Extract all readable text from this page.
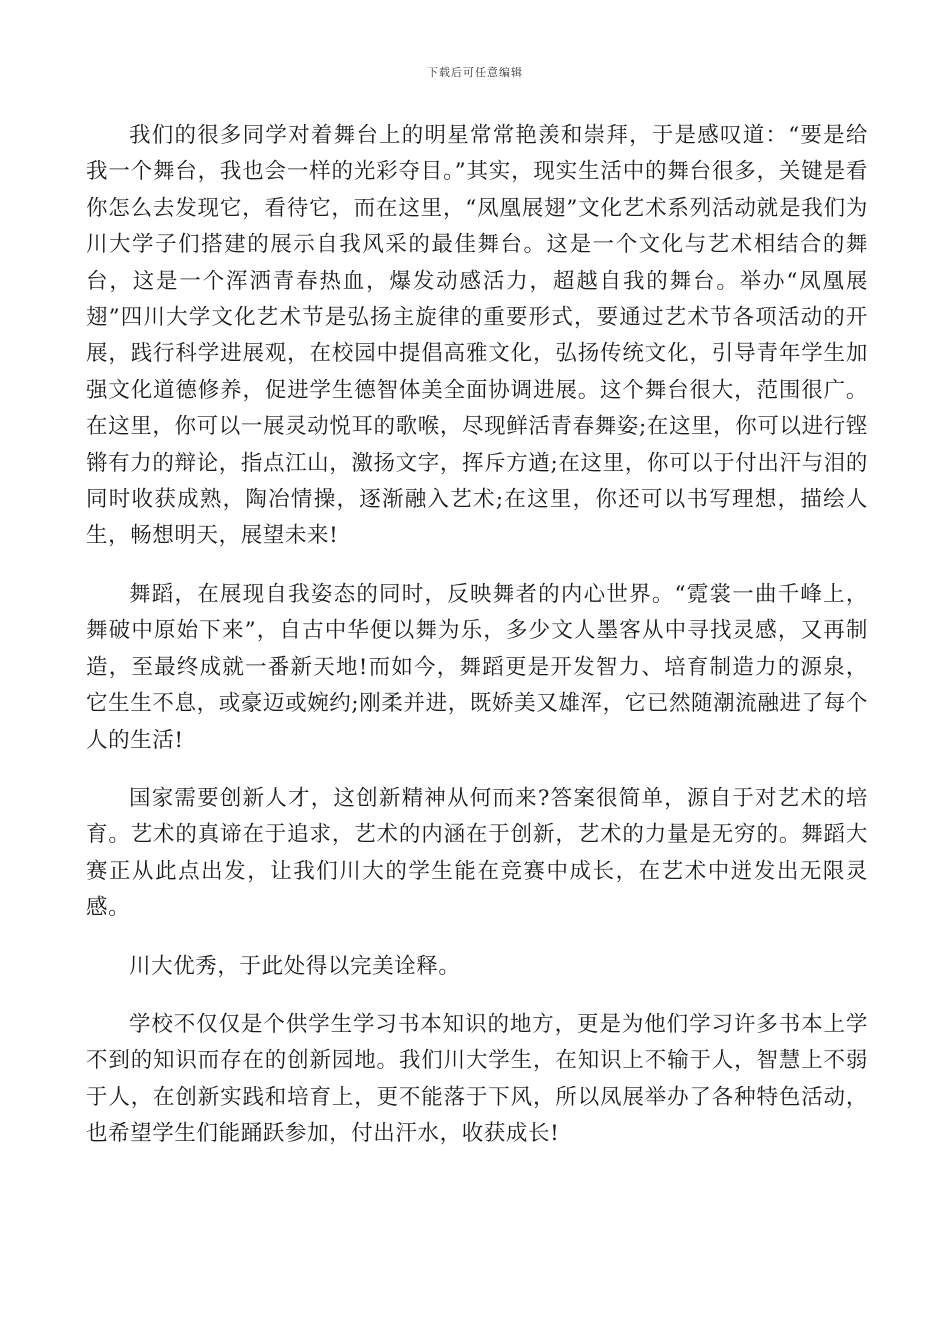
下载后可任意编辑

我们的很多同学对着舞台上的明星常常艳羡和崇拜，于是感叹道：“要是给我一个舞台，我也会一样的光彩夺目。”其实，现实生活中的舞台很多，关键是看你怎么去发现它，看待它，而在这里，“凤凰展翅”文化艺术系列活动就是我们为川大学子们搭建的展示自我风采的最佳舞台。这是一个文化与艺术相结合的舞台，这是一个浑洒青春热血，爆发动感活力，超越自我的舞台。举办“凤凰展翅”四川大学文化艺术节是弘扬主旋律的重要形式，要通过艺术节各项活动的开展，践行科学进展观，在校园中提倡高雅文化，弘扬传统文化，引导青年学生加强文化道德修养，促进学生德智体美全面协调进展。这个舞台很大，范围很广。在这里，你可以一展灵动悦耳的歌喉，尽现鲜活青春舞姿;在这里，你可以进行铿锵有力的辩论，指点江山，激扬文字，挥斥方遒;在这里，你可以于付出汗与泪的同时收获成熟，陶冶情操，逐渐融入艺术;在这里，你还可以书写理想，描绘人生，畅想明天，展望未来!

舞蹈，在展现自我姿态的同时，反映舞者的内心世界。“霓裳一曲千峰上，舞破中原始下来”，自古中华便以舞为乐，多少文人墨客从中寻找灵感，又再制造，至最终成就一番新天地!而如今，舞蹈更是开发智力、培育制造力的源泉，它生生不息，或豪迈或婉约;刚柔并进，既娇美又雄浑，它已然随潮流融进了每个人的生活!

国家需要创新人才，这创新精神从何而来?答案很简单，源自于对艺术的培育。艺术的真谛在于追求，艺术的内涵在于创新，艺术的力量是无穷的。舞蹈大赛正从此点出发，让我们川大的学生能在竞赛中成长，在艺术中迸发出无限灵感。

川大优秀，于此处得以完美诠释。

学校不仅仅是个供学生学习书本知识的地方，更是为他们学习许多书本上学不到的知识而存在的创新园地。我们川大学生，在知识上不输于人，智慧上不弱于人，在创新实践和培育上，更不能落于下风，所以凤展举办了各种特色活动，也希望学生们能踊跃参加，付出汗水，收获成长!
